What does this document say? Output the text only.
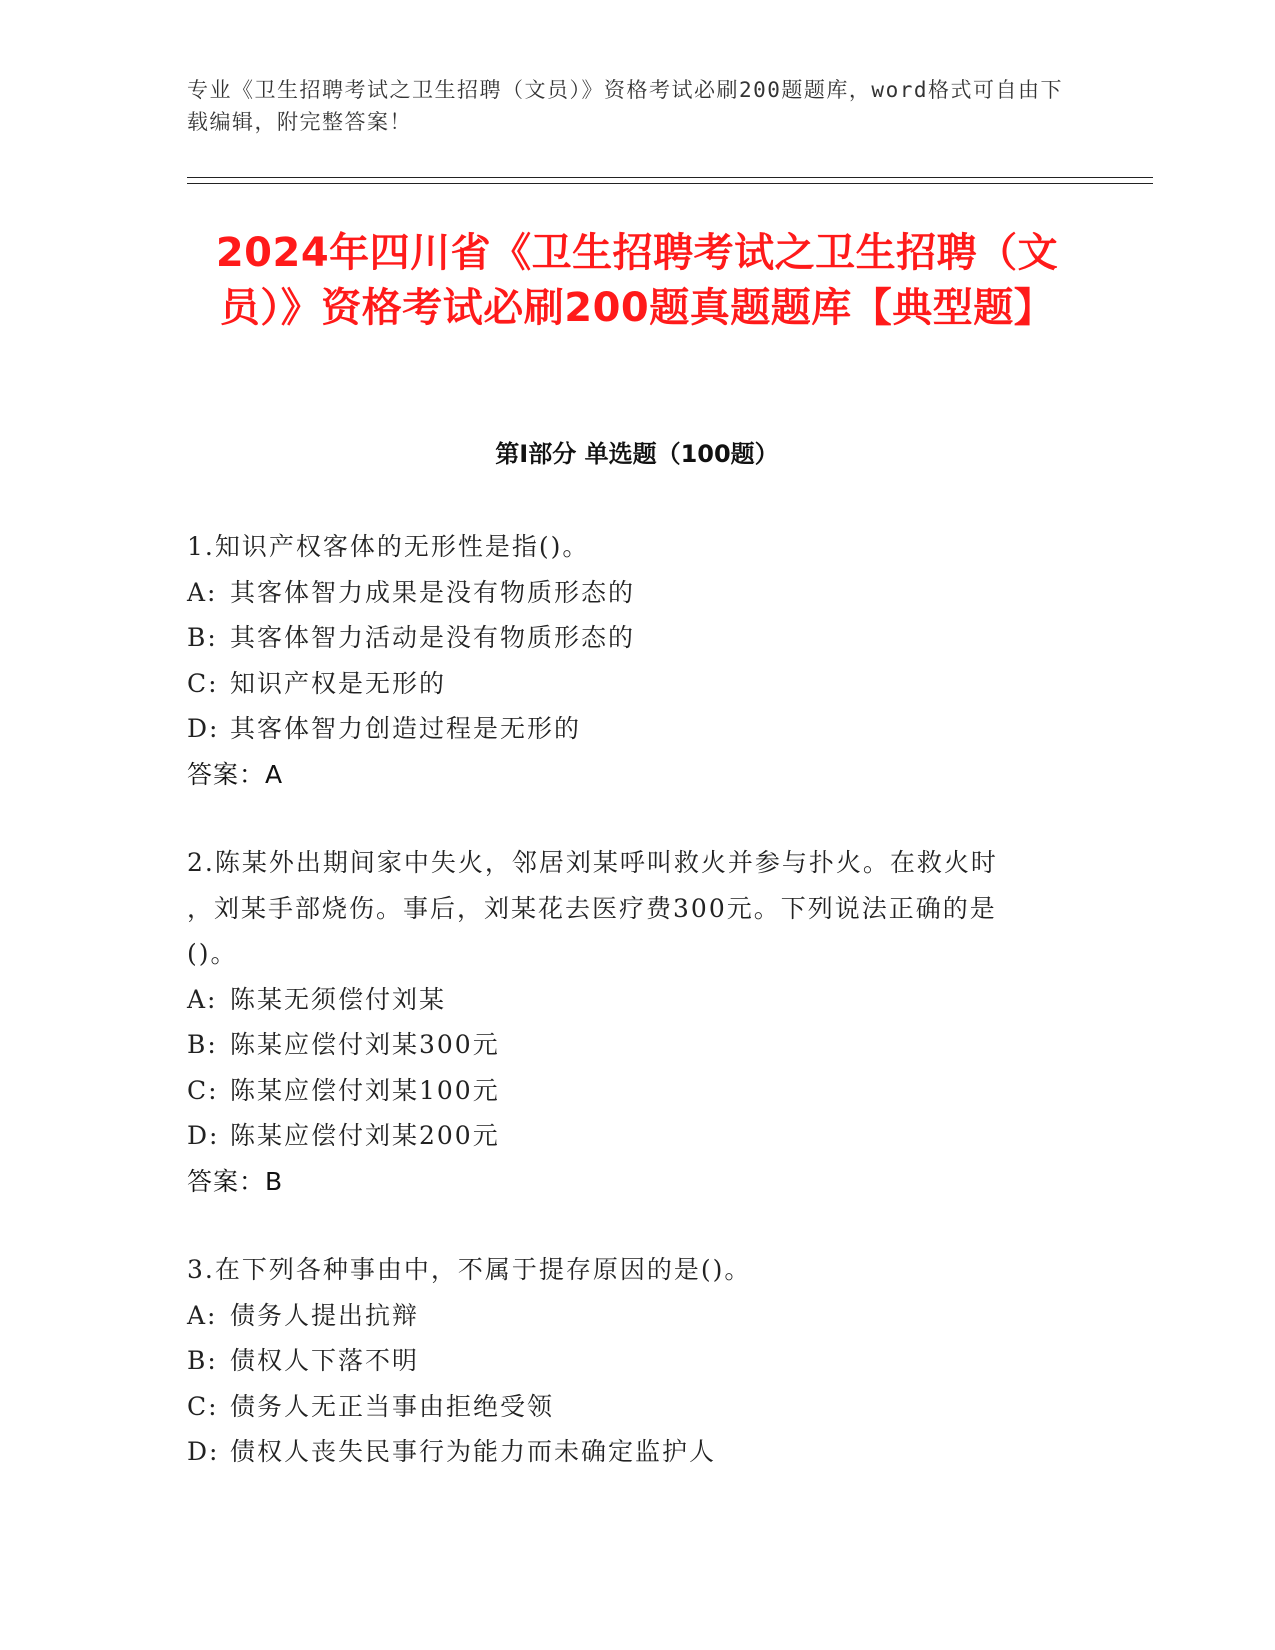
专业《卫生招聘考试之卫生招聘（文员）》资格考试必刷200题题库，word格式可自由下载编辑，附完整答案！
2024年四川省《卫生招聘考试之卫生招聘（文员）》资格考试必刷200题真题题库【典型题】
第I部分 单选题（100题）
1.知识产权客体的无形性是指()。
A: 其客体智力成果是没有物质形态的
B: 其客体智力活动是没有物质形态的
C: 知识产权是无形的
D: 其客体智力创造过程是无形的
答案：A
2.陈某外出期间家中失火，邻居刘某呼叫救火并参与扑火。在救火时
，刘某手部烧伤。事后，刘某花去医疗费300元。下列说法正确的是
()。
A: 陈某无须偿付刘某
B: 陈某应偿付刘某300元
C: 陈某应偿付刘某100元
D: 陈某应偿付刘某200元
答案：B
3.在下列各种事由中，不属于提存原因的是()。
A: 债务人提出抗辩
B: 债权人下落不明
C: 债务人无正当事由拒绝受领
D: 债权人丧失民事行为能力而未确定监护人
